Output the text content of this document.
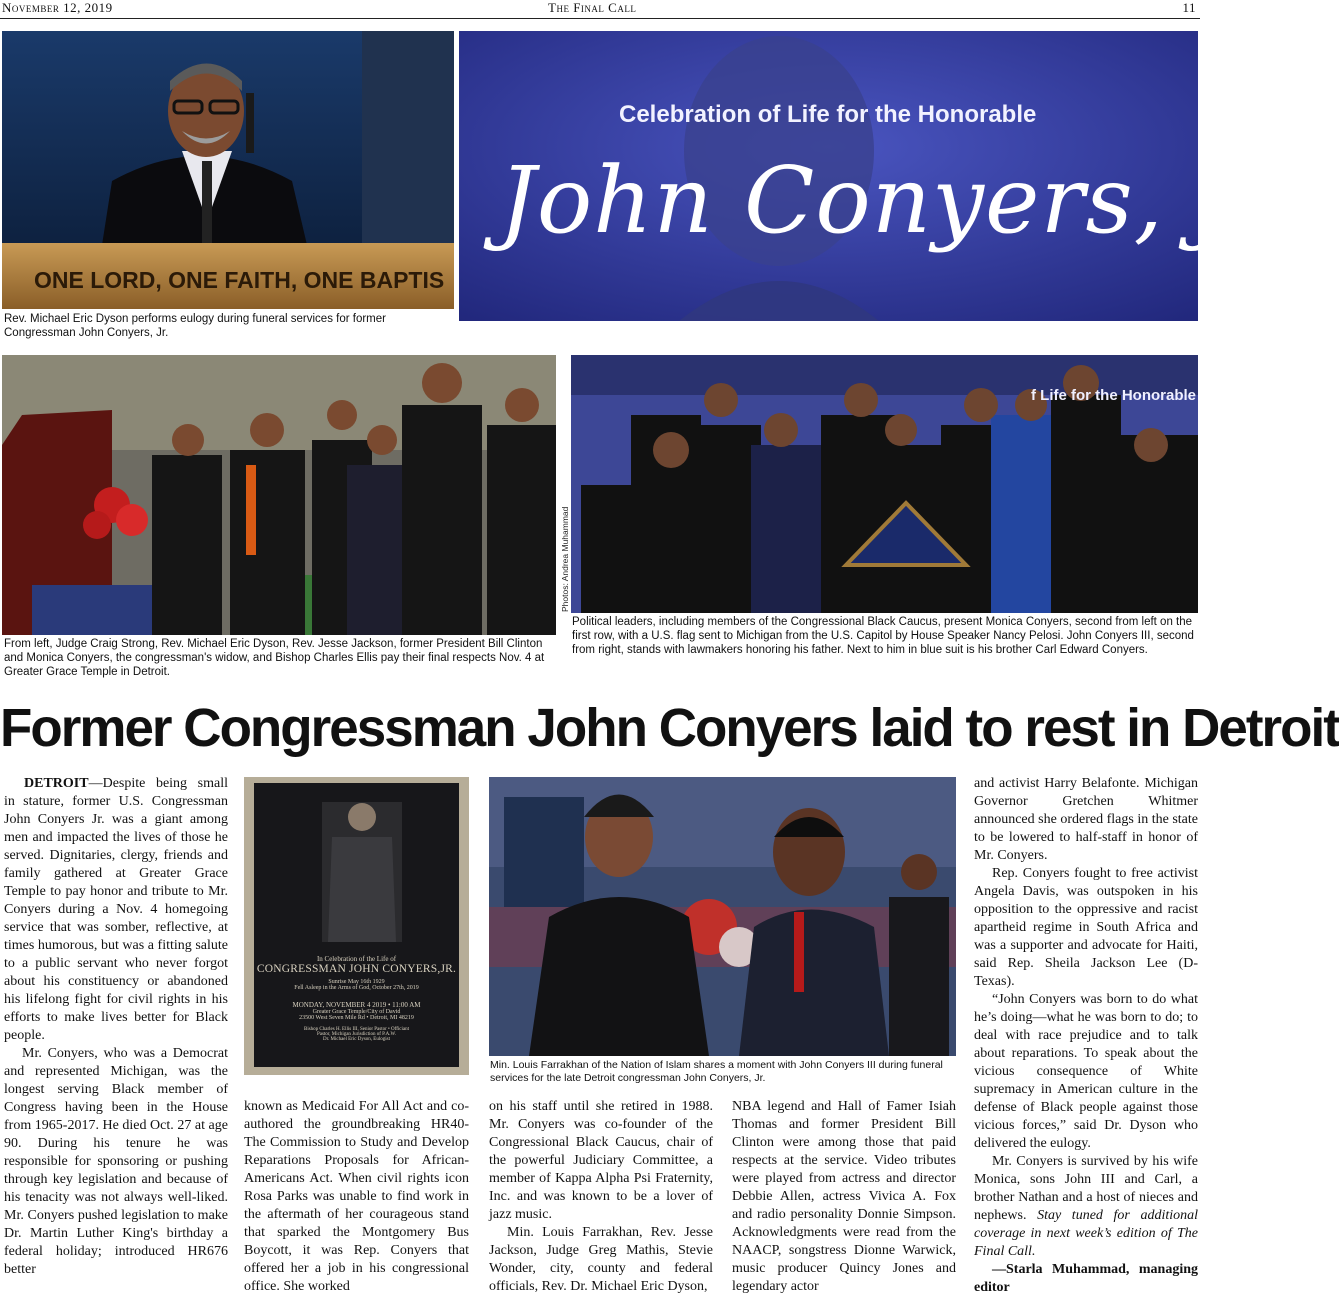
November 12, 2019	The Final Call	11
ONE LORD, ONE FAITH, ONE BAPTIS
Rev. Michael Eric Dyson performs eulogy during funeral services for former Congressman John Conyers, Jr.
Celebration of Life for the Honorable
John Conyers, Jr
From left, Judge Craig Strong, Rev. Michael Eric Dyson, Rev. Jesse Jackson, former President Bill Clinton and Monica Conyers, the congressman's widow, and Bishop Charles Ellis pay their final respects Nov. 4 at Greater Grace Temple in Detroit.
Photos: Andrea Muhammad
f Life for the Honorable
Political leaders, including members of the Congressional Black Caucus, present Monica Conyers, second from left on the first row, with a U.S. flag sent to Michigan from the U.S. Capitol by House Speaker Nancy Pelosi. John Conyers III, second from right, stands with lawmakers honoring his father. Next to him in blue suit is his brother Carl Edward Conyers.
Former Congressman John Conyers laid to rest in Detroit
In Celebration of the Life of
CONGRESSMAN JOHN CONYERS,JR.
Sunrise May 16th 1929
Fell Asleep in the Arms of God, October 27th, 2019
MONDAY, NOVEMBER 4 2019 • 11:00 AM
Greater Grace Temple/City of David
23500 West Seven Mile Rd • Detroit, MI 48219
Bishop Charles H. Ellis III, Senior Pastor • Officiant
Pastor, Michigan Jurisdiction of P.A.W.
Dr. Michael Eric Dyson, Eulogist
Min. Louis Farrakhan of the Nation of Islam shares a moment with John Conyers III during funeral services for the late Detroit congressman John Conyers, Jr.

DETROIT—Despite being small in stature, former U.S. Congressman John Conyers Jr. was a giant among men and impacted the lives of those he served. Dignitaries, clergy, friends and family gathered at Greater Grace Temple to pay honor and tribute to Mr. Conyers during a Nov. 4 homegoing service that was somber, reflective, at times humorous, but was a fitting salute to a public servant who never forgot about his constituency or abandoned his lifelong fight for civil rights in his efforts to make lives better for Black people.

Mr. Conyers, who was a Democrat and represented Michigan, was the longest serving Black member of Congress having been in the House from 1965-2017. He died Oct. 27 at age 90. During his tenure he was responsible for sponsoring or pushing through key legislation and because of his tenacity was not always well-liked. Mr. Conyers pushed legislation to make Dr. Martin Luther King's birthday a federal holiday; introduced HR676 better

known as Medicaid For All Act and co-authored the groundbreaking HR40-The Commission to Study and Develop Reparations Proposals for African-Americans Act. When civil rights icon Rosa Parks was unable to find work in the aftermath of her courageous stand that sparked the Montgomery Bus Boycott, it was Rep. Conyers that offered her a job in his congressional office. She worked

on his staff until she retired in 1988. Mr. Conyers was co-founder of the Congressional Black Caucus, chair of the powerful Judiciary Committee, a member of Kappa Alpha Psi Fraternity, Inc. and was known to be a lover of jazz music.

Min. Louis Farrakhan, Rev. Jesse Jackson, Judge Greg Mathis, Stevie Wonder, city, county and federal officials, Rev. Dr. Michael Eric Dyson,

NBA legend and Hall of Famer Isiah Thomas and former President Bill Clinton were among those that paid respects at the service. Video tributes were played from actress and director Debbie Allen, actress Vivica A. Fox and radio personality Donnie Simpson. Acknowledgments were read from the NAACP, songstress Dionne Warwick, music producer Quincy Jones and legendary actor

and activist Harry Belafonte. Michigan Governor Gretchen Whitmer announced she ordered flags in the state to be lowered to half-staff in honor of Mr. Conyers.

Rep. Conyers fought to free activist Angela Davis, was outspoken in his opposition to the oppressive and racist apartheid regime in South Africa and was a supporter and advocate for Haiti, said Rep. Sheila Jackson Lee (D-Texas).

“John Conyers was born to do what he’s doing—what he was born to do; to deal with race prejudice and to talk about reparations. To speak about the vicious consequence of White supremacy in American culture in the defense of Black people against those vicious forces,” said Dr. Dyson who delivered the eulogy.

Mr. Conyers is survived by his wife Monica, sons John III and Carl, a brother Nathan and a host of nieces and nephews. Stay tuned for additional coverage in next week’s edition of The Final Call.

—Starla Muhammad, managing editor
